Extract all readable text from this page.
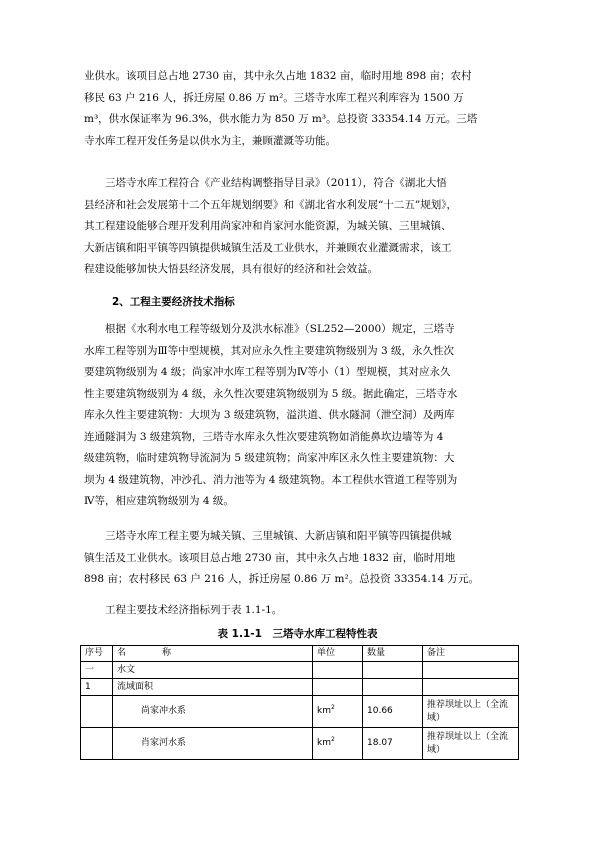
业供水。该项目总占地 2730 亩，其中永久占地 1832 亩，临时用地 898 亩；农村
移民 63 户 216 人，拆迁房屋 0.86 万 m²。三塔寺水库工程兴利库容为 1500 万
m³，供水保证率为 96.3%，供水能力为 850 万 m³。总投资 33354.14 万元。三塔
寺水库工程开发任务是以供水为主，兼顾灌溉等功能。

　　三塔寺水库工程符合《产业结构调整指导目录》（2011），符合《湖北大悟
县经济和社会发展第十二个五年规划纲要》和《湖北省水利发展“十二五”规划》，
其工程建设能够合理开发利用尚家冲和肖家河水能资源，为城关镇、三里城镇、
大新店镇和阳平镇等四镇提供城镇生活及工业供水，并兼顾农业灌溉需求，该工
程建设能够加快大悟县经济发展，具有很好的经济和社会效益。

2、工程主要经济技术指标

　　根据《水利水电工程等级划分及洪水标准》（SL252—2000）规定，三塔寺
水库工程等别为Ⅲ等中型规模，其对应永久性主要建筑物级别为 3 级，永久性次
要建筑物级别为 4 级；尚家冲水库工程等别为Ⅳ等小（1）型规模，其对应永久
性主要建筑物级别为 4 级，永久性次要建筑物级别为 5 级。据此确定，三塔寺水
库永久性主要建筑物：大坝为 3 级建筑物，溢洪道、供水隧洞（泄空洞）及两库
连通隧洞为 3 级建筑物，三塔寺水库永久性次要建筑物如消能鼻坎边墙等为 4
级建筑物，临时建筑物导流洞为 5 级建筑物；尚家冲库区永久性主要建筑物：大
坝为 4 级建筑物，冲沙孔、消力池等为 4 级建筑物。本工程供水管道工程等别为
Ⅳ等，相应建筑物级别为 4 级。

　　三塔寺水库工程主要为城关镇、三里城镇、大新店镇和阳平镇等四镇提供城
镇生活及工业供水。该项目总占地 2730 亩，其中永久占地 1832 亩，临时用地
898 亩；农村移民 63 户 216 人，拆迁房屋 0.86 万 m²。总投资 33354.14 万元。

　　工程主要技术经济指标列于表 1.1-1。

表 1.1-1　三塔寺水库工程特性表
序号	名　　　　称	单位	数量	备注
一	水文			
1	流域面积			
	尚家冲水系	$km^2$	10.66	推荐坝址以上（全流域）
	肖家河水系	$km^2$	18.07	推荐坝址以上（全流域）
